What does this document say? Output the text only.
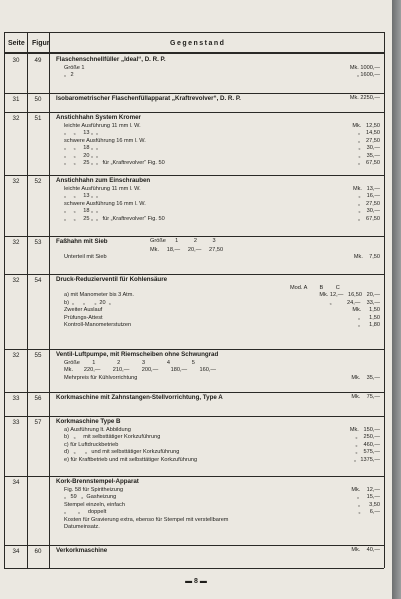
Seite Figur	Gegenstand
30	49	Flaschenschnellfüller „Ideal“, D. R. P.
Größe 1	Mk. 1000,—
„   2	„ 1600,—
31	50	Isobarometrischer Flaschenfüllapparat „Kraftrevolver“, D. R. P.	Mk. 2250,—
32	51	Anstichhahn System Kromer
leichte Ausführung 11 mm l. W.	Mk.   12,50
„     „     13 „  „	„    14,50
schwere Ausführung 16 mm l. W.	„    27,50
„     „     18 „  „	„    30,—
„     „     20 „  „	„    35,—
„     „     25 „  „   für „Kraftrevolver“ Fig. 50	„    67,50
32	52	Anstichhahn zum Einschrauben
leichte Ausführung 11 mm l. W.	Mk.   13,—
„     „     13 „  „	„    16,—
schwere Ausführung 16 mm l. W.	„    27,50
„     „     18 „  „	„    30,—
„     „     25 „  „   für „Kraftrevolver“ Fig. 50	„    67,50
32	53	Faßhahn mit Sieb	Größe      1          2          3
Mk.     18,—     20,—     27,50
Unterteil mit Sieb	Mk.    7,50
32	54	Druck-Reduzierventil für Kohlensäure
Mod. A        B        C
a) mit Manometer bis 3 Atm.	Mk. 12,—   16,50   20,—
b)  „      „      „  20  „	„          24,—    33,—
Zweiter Auslauf	Mk.     1,50
Prüfungs-Attest	„      1,50
Kontroll-Manometerstutzen	„      1,80
32	55	Ventil-Luftpumpe, mit Riemscheiben ohne Schwungrad
Größe        1              2              3              4              5
Mk.       220,—        210,—        200,—        180,—        160,—
Mehrpreis für Kühlvorrichtung	Mk.    35,—
33	56	Korkmaschine mit Zahnstangen-Stellvorrichtung, Type A	Mk.    75,—
33	57	Korkmaschine Type B
a) Ausführung lt. Abbildung	Mk.   150,—
b)   „     mit selbsttätiger Korkzuführung	„    250,—
c) für Luftdruckbetrieb	„    460,—
d)   „      „   und mit selbsttätiger Korkzuführung	„    575,—
e) für Kraftbetrieb und mit selbsttätiger Korkzuführung	„   1375,—
34	Kork-Brennstempel-Apparat
Fig. 58 für Spiritheizung	Mk.    12,—
„   59   „  Gasheizung	„     15,—
Stempel einzeln, einfach	„      3,50
„        „     doppelt	„      6,—
Kosten für Gravierung extra, ebenso für Stempel mit verstellbarem
Datumeinsatz.
34	60	Verkorkmaschine	Mk.    40,—
▬ 8 ▬
